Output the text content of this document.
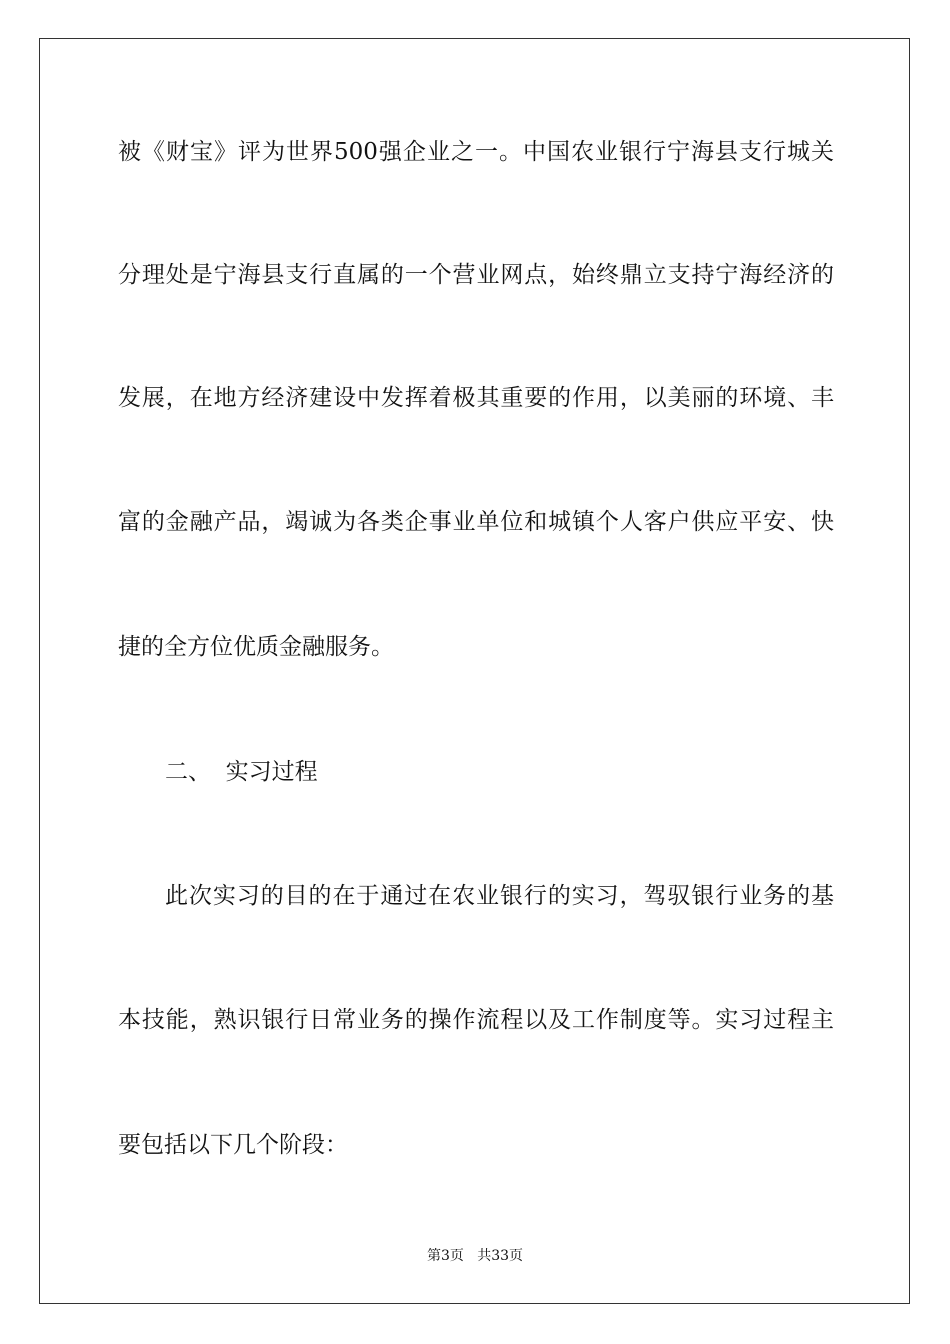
被《财宝》评为世界500强企业之一。中国农业银行宁海县支行城关
分理处是宁海县支行直属的一个营业网点，始终鼎立支持宁海经济的
发展，在地方经济建设中发挥着极其重要的作用，以美丽的环境、丰
富的金融产品，竭诚为各类企事业单位和城镇个人客户供应平安、快
捷的全方位优质金融服务。
二、  实习过程
此次实习的目的在于通过在农业银行的实习，驾驭银行业务的基
本技能，熟识银行日常业务的操作流程以及工作制度等。实习过程主
要包括以下几个阶段：
第3页   共33页
